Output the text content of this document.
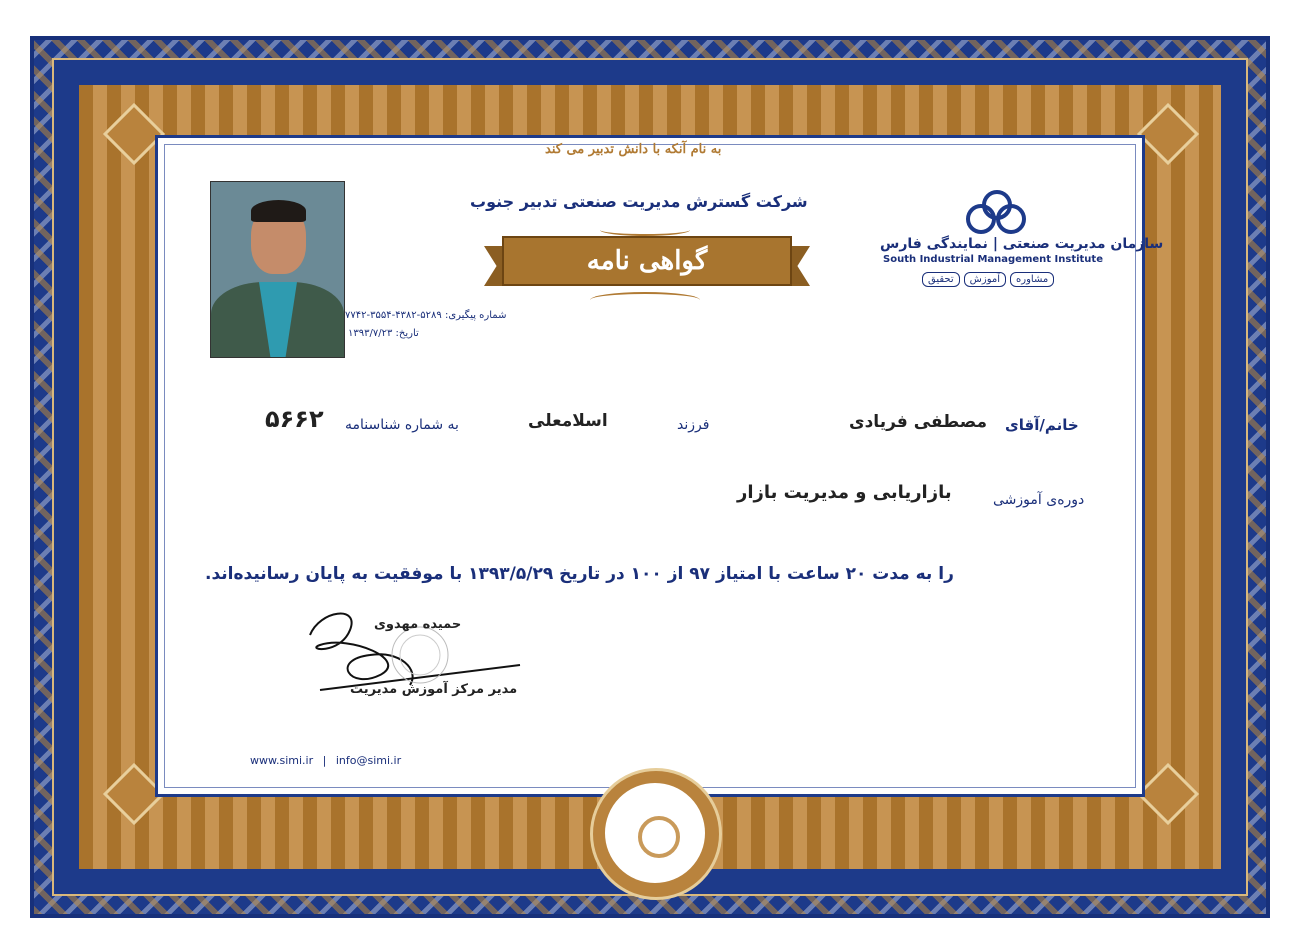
به نام آنکه با دانش تدبیر می کند
شرکت گسترش مدیریت صنعتی تدبیر جنوب
گواهی نامه
شماره پیگیری: ۵۲۸۹-۴۳۸۲-۳۵۵۴-۷۷۴۲
تاریخ: ۱۳۹۳/۷/۲۳
سازمان مدیریت صنعتی | نمایندگی فارس
South Industrial Management Institute
مشاوره
آموزش
تحقیق
خانم/آقای
مصطفی فریادی
فرزند
اسلامعلی
به شماره شناسنامه
۵۶۶۲
دوره‌ی آموزشی
بازاریابی و مدیریت بازار
را به مدت ۲۰ ساعت با امتیاز ۹۷ از ۱۰۰ در تاریخ ۱۳۹۳/۵/۲۹ با موفقیت به پایان رسانیده‌اند.
حمیده مهدوی
مدیر مرکز آموزش مدیریت
www.simi.ir | info@simi.ir
